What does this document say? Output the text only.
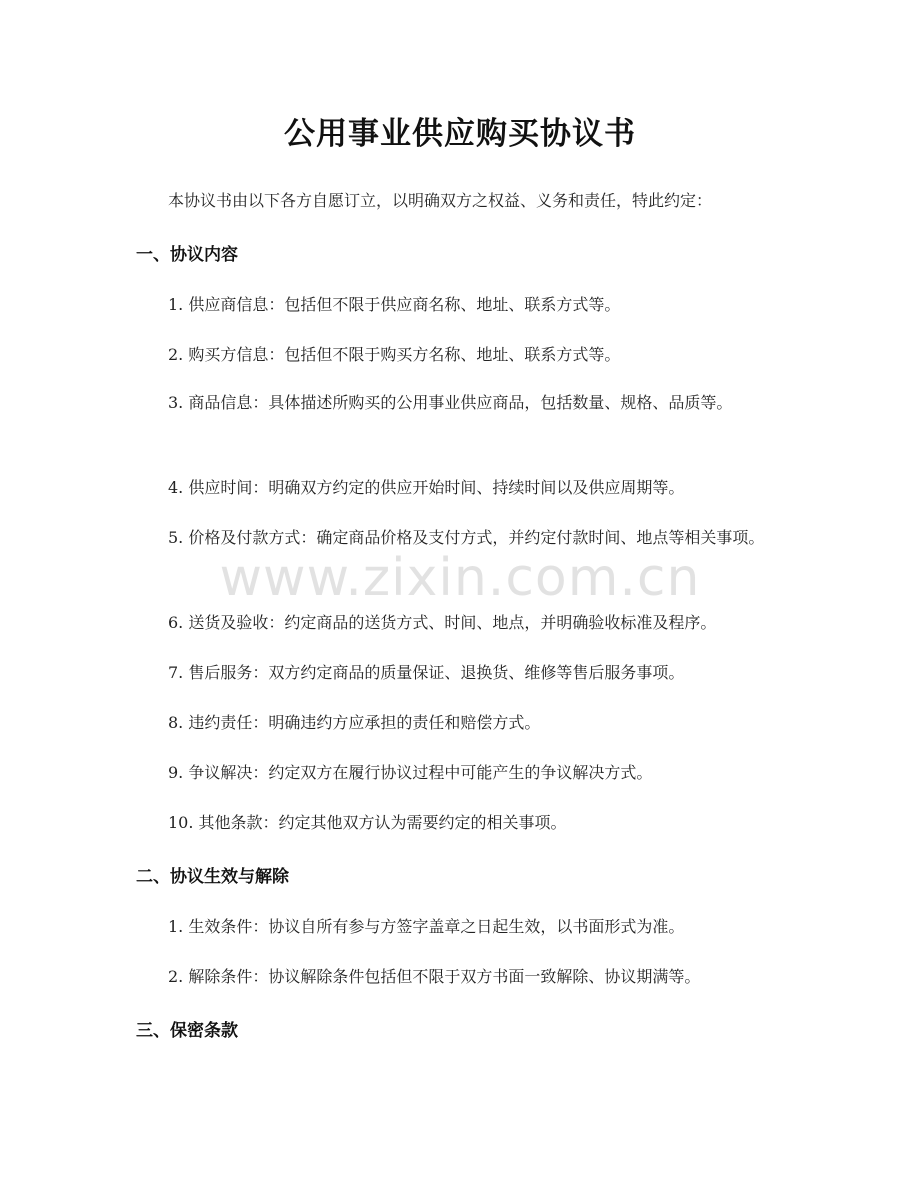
公用事业供应购买协议书
本协议书由以下各方自愿订立，以明确双方之权益、义务和责任，特此约定：
一、协议内容
1. 供应商信息：包括但不限于供应商名称、地址、联系方式等。
2. 购买方信息：包括但不限于购买方名称、地址、联系方式等。
3. 商品信息：具体描述所购买的公用事业供应商品，包括数量、规格、品质等。
4. 供应时间：明确双方约定的供应开始时间、持续时间以及供应周期等。
5. 价格及付款方式：确定商品价格及支付方式，并约定付款时间、地点等相关事项。
6. 送货及验收：约定商品的送货方式、时间、地点，并明确验收标准及程序。
7. 售后服务：双方约定商品的质量保证、退换货、维修等售后服务事项。
8. 违约责任：明确违约方应承担的责任和赔偿方式。
9. 争议解决：约定双方在履行协议过程中可能产生的争议解决方式。
10. 其他条款：约定其他双方认为需要约定的相关事项。
二、协议生效与解除
1. 生效条件：协议自所有参与方签字盖章之日起生效，以书面形式为准。
2. 解除条件：协议解除条件包括但不限于双方书面一致解除、协议期满等。
三、保密条款
www.zixin.com.cn
